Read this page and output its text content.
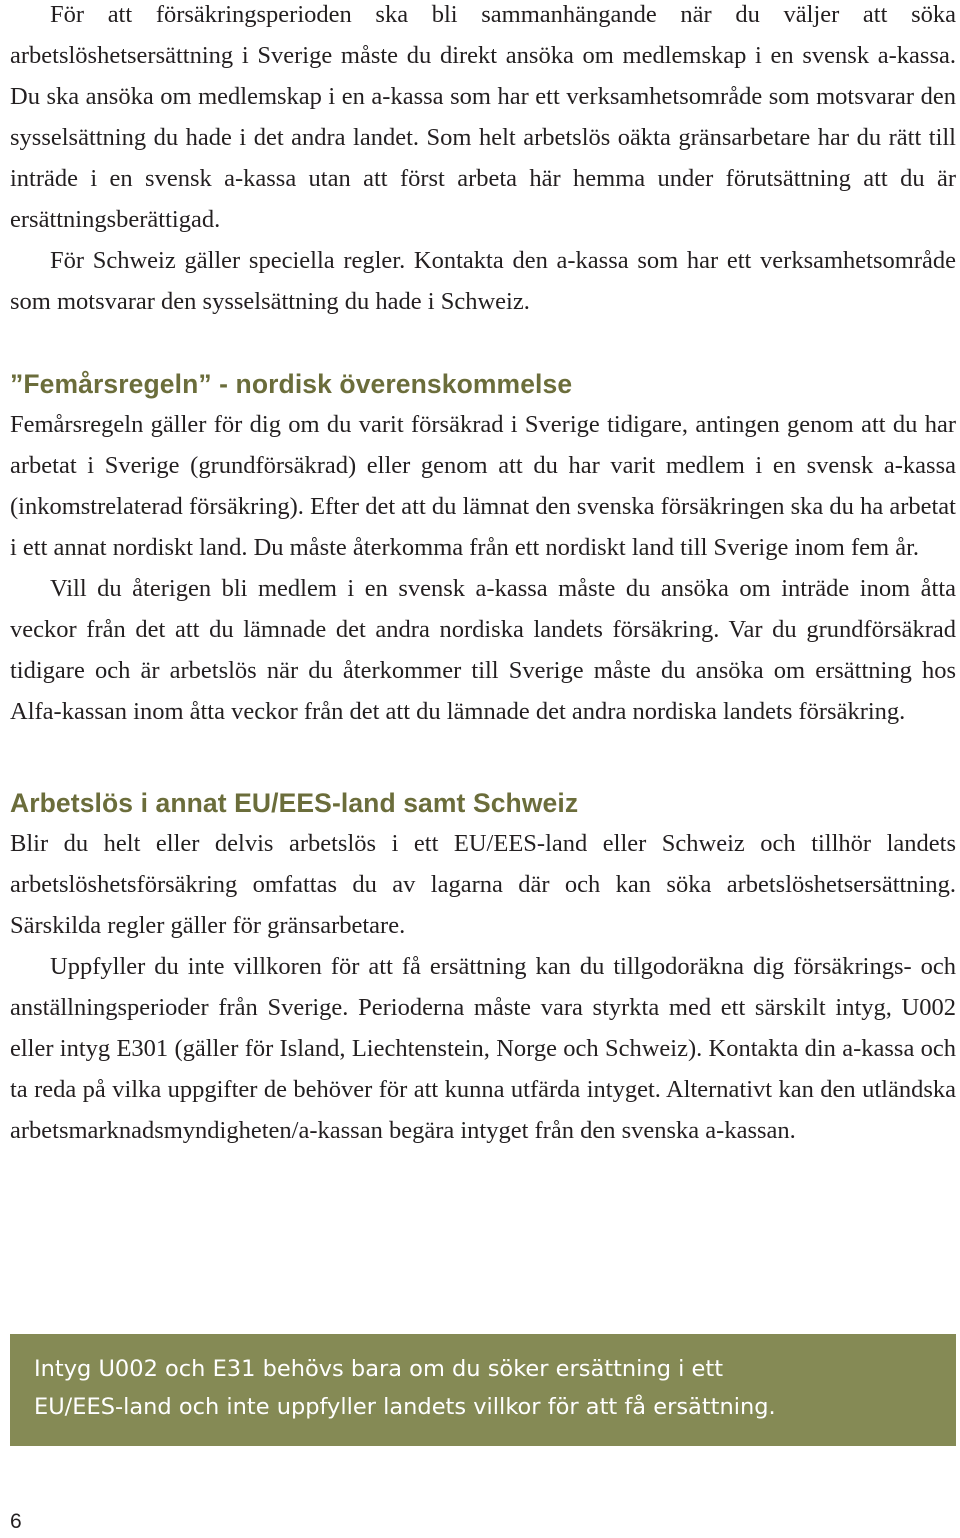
För att försäkringsperioden ska bli sammanhängande när du väljer att söka arbetslöshetsersättning i Sverige måste du direkt ansöka om medlemskap i en svensk a-kassa. Du ska ansöka om medlemskap i en a-kassa som har ett verksamhetsområde som motsvarar den sysselsättning du hade i det andra landet. Som helt arbetslös oäkta gränsarbetare har du rätt till inträde i en svensk a-kassa utan att först arbeta här hemma under förutsättning att du är ersättningsberättigad.

För Schweiz gäller speciella regler. Kontakta den a-kassa som har ett verksamhetsområde som motsvarar den sysselsättning du hade i Schweiz.

”Femårsregeln” - nordisk överenskommelse

Femårsregeln gäller för dig om du varit försäkrad i Sverige tidigare, antingen genom att du har arbetat i Sverige (grundförsäkrad) eller genom att du har varit medlem i en svensk a-kassa (inkomstrelaterad försäkring). Efter det att du lämnat den svenska försäkringen ska du ha arbetat i ett annat nordiskt land. Du måste återkomma från ett nordiskt land till Sverige inom fem år.

Vill du återigen bli medlem i en svensk a-kassa måste du ansöka om inträde inom åtta veckor från det att du lämnade det andra nordiska landets försäkring. Var du grundförsäkrad tidigare och är arbetslös när du återkommer till Sverige måste du ansöka om ersättning hos Alfa-kassan inom åtta veckor från det att du lämnade det andra nordiska landets försäkring.

Arbetslös i annat EU/EES-land samt Schweiz

Blir du helt eller delvis arbetslös i ett EU/EES-land eller Schweiz och tillhör landets arbetslöshetsförsäkring omfattas du av lagarna där och kan söka arbetslöshetsersättning. Särskilda regler gäller för gränsarbetare.

Uppfyller du inte villkoren för att få ersättning kan du tillgodoräkna dig försäkrings- och anställningsperioder från Sverige. Perioderna måste vara styrkta med ett särskilt intyg, U002 eller intyg E301 (gäller för Island, Liechtenstein, Norge och Schweiz). Kontakta din a-kassa och ta reda på vilka uppgifter de behöver för att kunna utfärda intyget. Alternativt kan den utländska arbetsmarknadsmyndigheten/a-kassan begära intyget från den svenska a-kassan.

Intyg U002 och E31 behövs bara om du söker ersättning i ett

EU/EES-land och inte uppfyller landets villkor för att få ersättning.

6
